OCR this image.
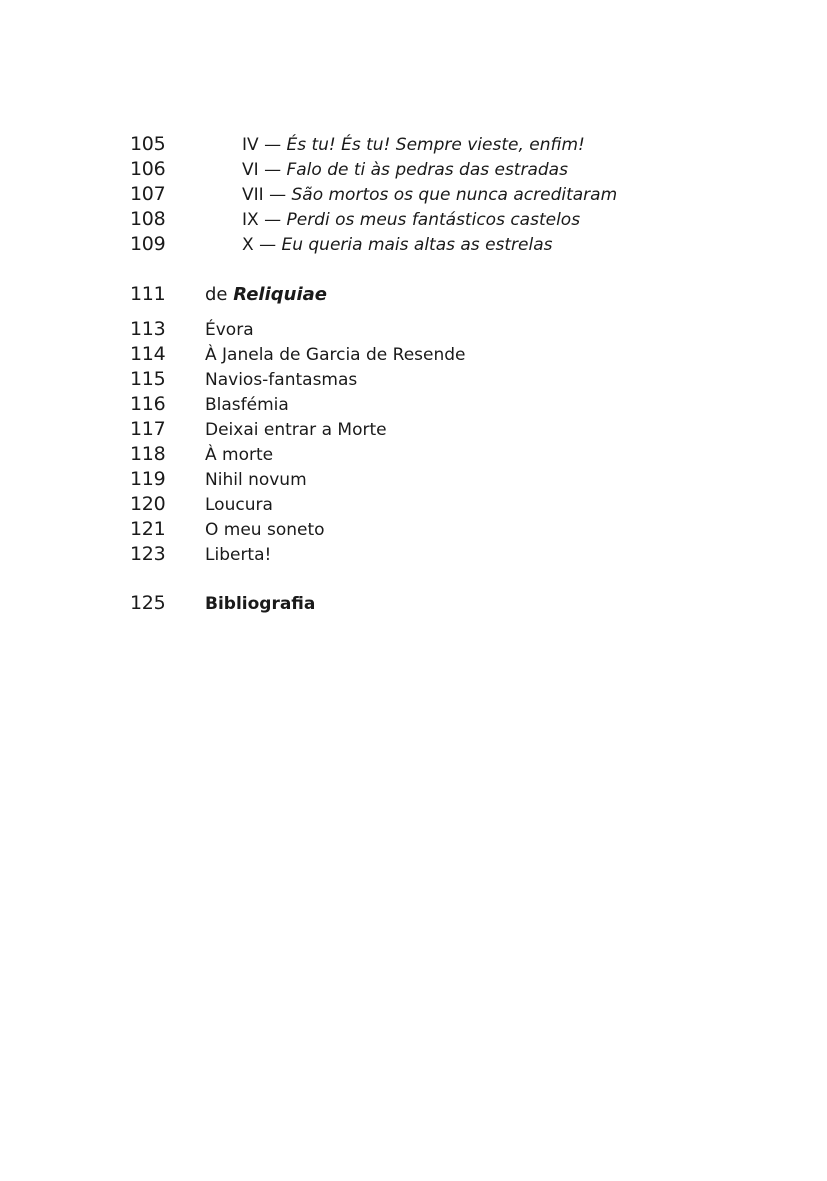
105	IV — És tu! És tu! Sempre vieste, enfim!
106	VI — Falo de ti às pedras das estradas
107	VII — São mortos os que nunca acreditaram
108	IX — Perdi os meus fantásticos castelos
109	X — Eu queria mais altas as estrelas
111	de Reliquiae
113	Évora
114	À Janela de Garcia de Resende
115	Navios-fantasmas
116	Blasfémia
117	Deixai entrar a Morte
118	À morte
119	Nihil novum
120	Loucura
121	O meu soneto
123	Liberta!
125	Bibliografia
